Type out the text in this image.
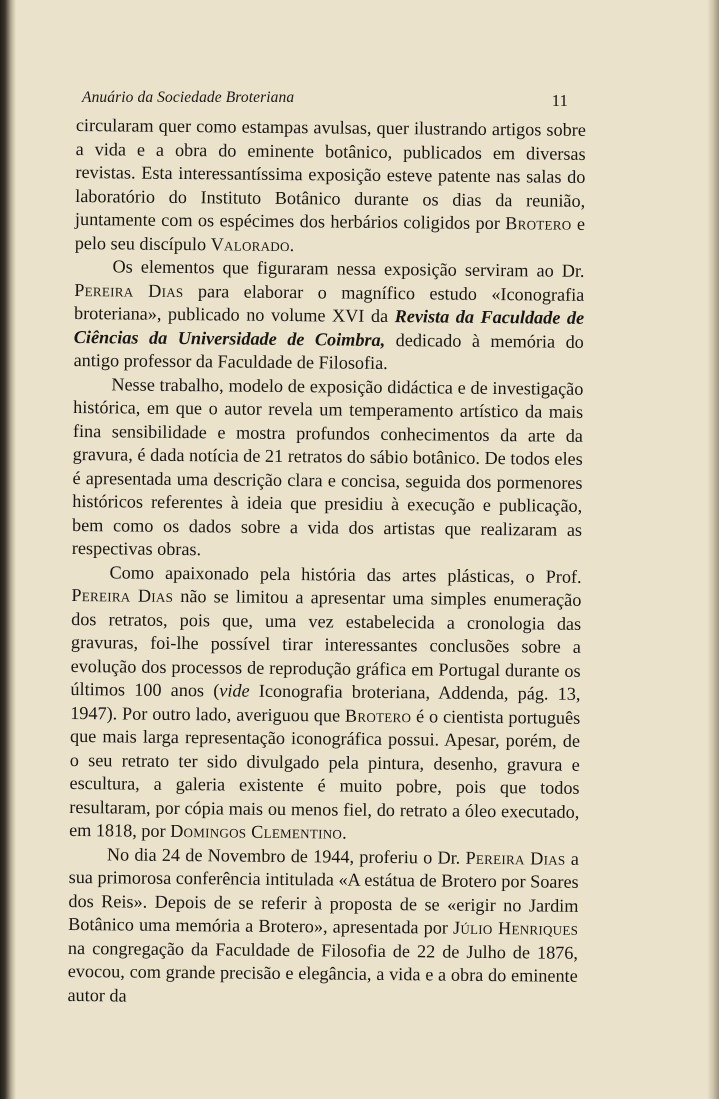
Anuário da Sociedade Broteriana	11

circularam quer como estampas avulsas, quer ilustrando artigos sobre a vida e a obra do eminente botânico, publicados em diversas revistas. Esta interessantíssima exposição esteve patente nas salas do laboratório do Instituto Botânico durante os dias da reunião, juntamente com os espécimes dos herbários coligidos por Brotero e pelo seu discípulo Valorado.

Os elementos que figuraram nessa exposição serviram ao Dr. Pereira Dias para elaborar o magnífico estudo «Iconografia broteriana», publicado no volume XVI da Revista da Faculdade de Ciências da Universidade de Coimbra, dedicado à memória do antigo professor da Faculdade de Filosofia.

Nesse trabalho, modelo de exposição didáctica e de investigação histórica, em que o autor revela um temperamento artístico da mais fina sensibilidade e mostra profundos conhecimentos da arte da gravura, é dada notícia de 21 retratos do sábio botânico. De todos eles é apresentada uma descrição clara e concisa, seguida dos pormenores históricos referentes à ideia que presidiu à execução e publicação, bem como os dados sobre a vida dos artistas que realizaram as respectivas obras.

Como apaixonado pela história das artes plásticas, o Prof. Pereira Dias não se limitou a apresentar uma simples enumeração dos retratos, pois que, uma vez estabelecida a cronologia das gravuras, foi-lhe possível tirar interessantes conclusões sobre a evolução dos processos de reprodução gráfica em Portugal durante os últimos 100 anos (vide Iconografia broteriana, Addenda, pág. 13, 1947). Por outro lado, averiguou que Brotero é o cientista português que mais larga representação iconográfica possui. Apesar, porém, de o seu retrato ter sido divulgado pela pintura, desenho, gravura e escultura, a galeria existente é muito pobre, pois que todos resultaram, por cópia mais ou menos fiel, do retrato a óleo executado, em 1818, por Domingos Clementino.

No dia 24 de Novembro de 1944, proferiu o Dr. Pereira Dias a sua primorosa conferência intitulada «A estátua de Brotero por Soares dos Reis». Depois de se referir à proposta de se «erigir no Jardim Botânico uma memória a Brotero», apresentada por Júlio Henriques na congregação da Faculdade de Filosofia de 22 de Julho de 1876, evocou, com grande precisão e elegância, a vida e a obra do eminente autor da
